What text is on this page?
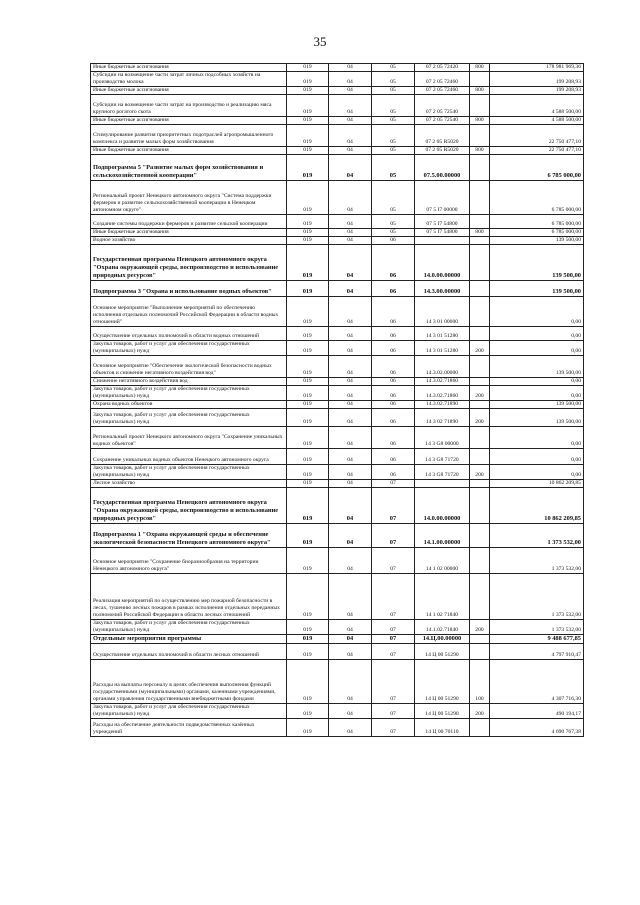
35
Иные бюджетные ассигнования	019	04	05	07 2 05 72420	800	178 981 969,36
Субсидии на возмещение части затрат личных подсобных хозяйств на производство молока	019	04	05	07 2 05 72460		199 208,93
Иные бюджетные ассигнования	019	04	05	07 2 05 72460	800	199 208,93
Субсидии на возмещение части затрат на производство и реализацию мяса крупного рогатого скота	019	04	05	07 2 05 72540		4 588 500,00
Иные бюджетные ассигнования	019	04	05	07 2 05 72540	800	4 588 500,00
Стимулирование развития приоритетных подотраслей агропромышленного комплекса и развитие малых форм хозяйствования	019	04	05	07 2 05 R5020		22 750 477,10
Иные бюджетные ассигнования	019	04	05	07 2 05 R5020	800	22 750 477,10
Подпрограмма 5 "Развитие малых форм хозяйствования и сельскохозяйственной кооперации"	019	04	05	07.5.00.00000		6 785 000,00
Региональный проект Ненецкого автономного округа "Система поддержки фермеров и развитие сельскохозяйственной кооперации в Ненецком автономном округе"	019	04	05	07 5 I7 00000		6 785 000,00
Создание системы поддержки фермеров и развитие сельской кооперации	019	04	05	07 5 I7 54800		6 785 000,00
Иные бюджетные ассигнования	019	04	05	07 5 I7 54800	800	6 785 000,00
Водное хозяйство	019	04	06			139 500,00
Государственная программа Ненецкого автономного округа "Охрана окружающей среды, воспроизводство и использование природных ресурсов"	019	04	06	14.0.00.00000		139 500,00
Подпрограмма 3 "Охрана и использование водных объектов"	019	04	06	14.3.00.00000		139 500,00
Основное мероприятие "Выполнение мероприятий по обеспечению исполнения отдельных полномочий Российской Федерации в области водных отношений"	019	04	06	14 3 01 00000		0,00
Осуществление отдельных полномочий в области водных отношений	019	04	06	14 3 01 51280		0,00
Закупка товаров, работ и услуг для обеспечения государственных (муниципальных) нужд	019	04	06	14 3 01 51280	200	0,00
Основное мероприятие "Обеспечение экологической безопасности водных объектов и снижение негативного воздействия вод"	019	04	06	14.3.02.00000		139 500,00
Снижение негативного воздействия вод	019	04	06	14.3.02.71860		0,00
Закупка товаров, работ и услуг для обеспечения государственных (муниципальных) нужд	019	04	06	14.3.02.71860	200	0,00
Охрана водных объектов	019	04	06	14.3.02.71890		139 500,00
Закупка товаров, работ и услуг для обеспечения государственных (муниципальных) нужд	019	04	06	14 3 02 71890	200	139 500,00
Региональный проект Ненецкого автономного округа "Сохранение уникальных водных объектов"	019	04	06	14 3 G8 00000		0,00
Сохранение уникальных водных объектов Ненецкого автономного округа	019	04	06	14 3 G8 71720		0,00
Закупка товаров, работ и услуг для обеспечения государственных (муниципальных) нужд	019	04	06	14 3 G8 71720	200	0,00
Лесное хозяйство	019	04	07			10 862 209,85
Государственная программа Ненецкого автономного округа "Охрана окружающей среды, воспроизводство и использование природных ресурсов"	019	04	07	14.0.00.00000		10 862 209,85
Подпрограмма 1 "Охрана окружающей среды и обеспечение экологической безопасности Ненецкого автономного округа"	019	04	07	14.1.00.00000		1 373 532,00
Основное мероприятие "Сохранение биоразнообразия на территории Ненецкого автономного округа"	019	04	07	14 1 02 00000		1 373 532,00
Реализация мероприятий по осуществлению мер пожарной безопасности в лесах, тушению лесных пожаров в рамках исполнения отдельных переданных полномочий Российской Федерации в области лесных отношений	019	04	07	14 1 02 71840		1 373 532,00
Закупка товаров, работ и услуг для обеспечения государственных (муниципальных) нужд	019	04	07	14.1.02.71840	200	1 373 532,00
Отдельные мероприятия программы	019	04	07	14.Ц.00.00000		9 488 677,85
Осуществление отдельных полномочий в области лесных отношений	019	04	07	14 Ц 00 51290		4 797 910,47
Расходы на выплаты персоналу в целях обеспечения выполнения функций государственными (муниципальными) органами, казенными учреждениями, органами управления государственными внебюджетными фондами	019	04	07	14 Ц 00 51290	100	4 307 716,30
Закупка товаров, работ и услуг для обеспечения государственных (муниципальных) нужд	019	04	07	14 Ц 00 51290	200	490 194,17
Расходы на обеспечение деятельности подведомственных казённых учреждений	019	04	07	14 Ц 00 70110		4 690 767,38
